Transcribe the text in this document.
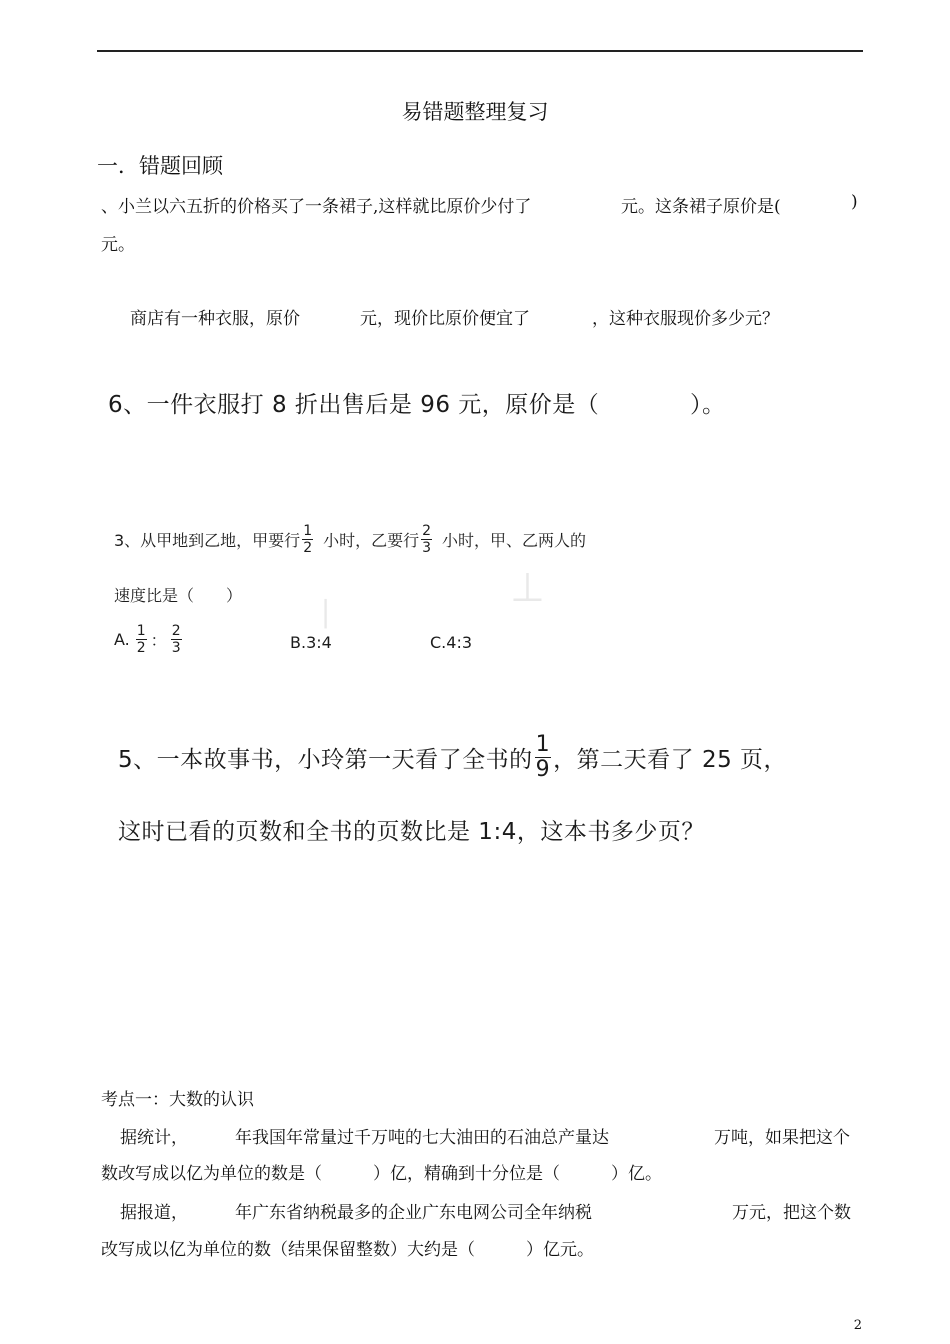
易错题整理复习
一．错题回顾
、小兰以六五折的价格买了一条裙子,这样就比原价少付了	元。这条裙子原价是(	)
元。
商店有一种衣服，原价	元，现价比原价便宜了	，这种衣服现价多少元？
6、一件衣服打 8 折出售后是 96 元，原价是（	）。
⊥
∣
3、从甲地到乙地，甲要行 $\frac{1}{2}$ 小时，乙要行 $\frac{2}{3}$ 小时，甲、乙两人的
速度比是（　　）
A. $\frac{1}{2}$ ： $\frac{2}{3}$	B.3:4	C.4:3
5、一本故事书，小玲第一天看了全书的 $\frac{1}{9}$ ，第二天看了 25 页，
这时已看的页数和全书的页数比是 1:4，这本书多少页？
考点一：大数的认识
据统计，	年我国年常量过千万吨的七大油田的石油总产量达	万吨，如果把这个
数改写成以亿为单位的数是（　　　）亿，精确到十分位是（　　　）亿。
据报道，	年广东省纳税最多的企业广东电网公司全年纳税	万元，把这个数
改写成以亿为单位的数（结果保留整数）大约是（　　　）亿元。
2
